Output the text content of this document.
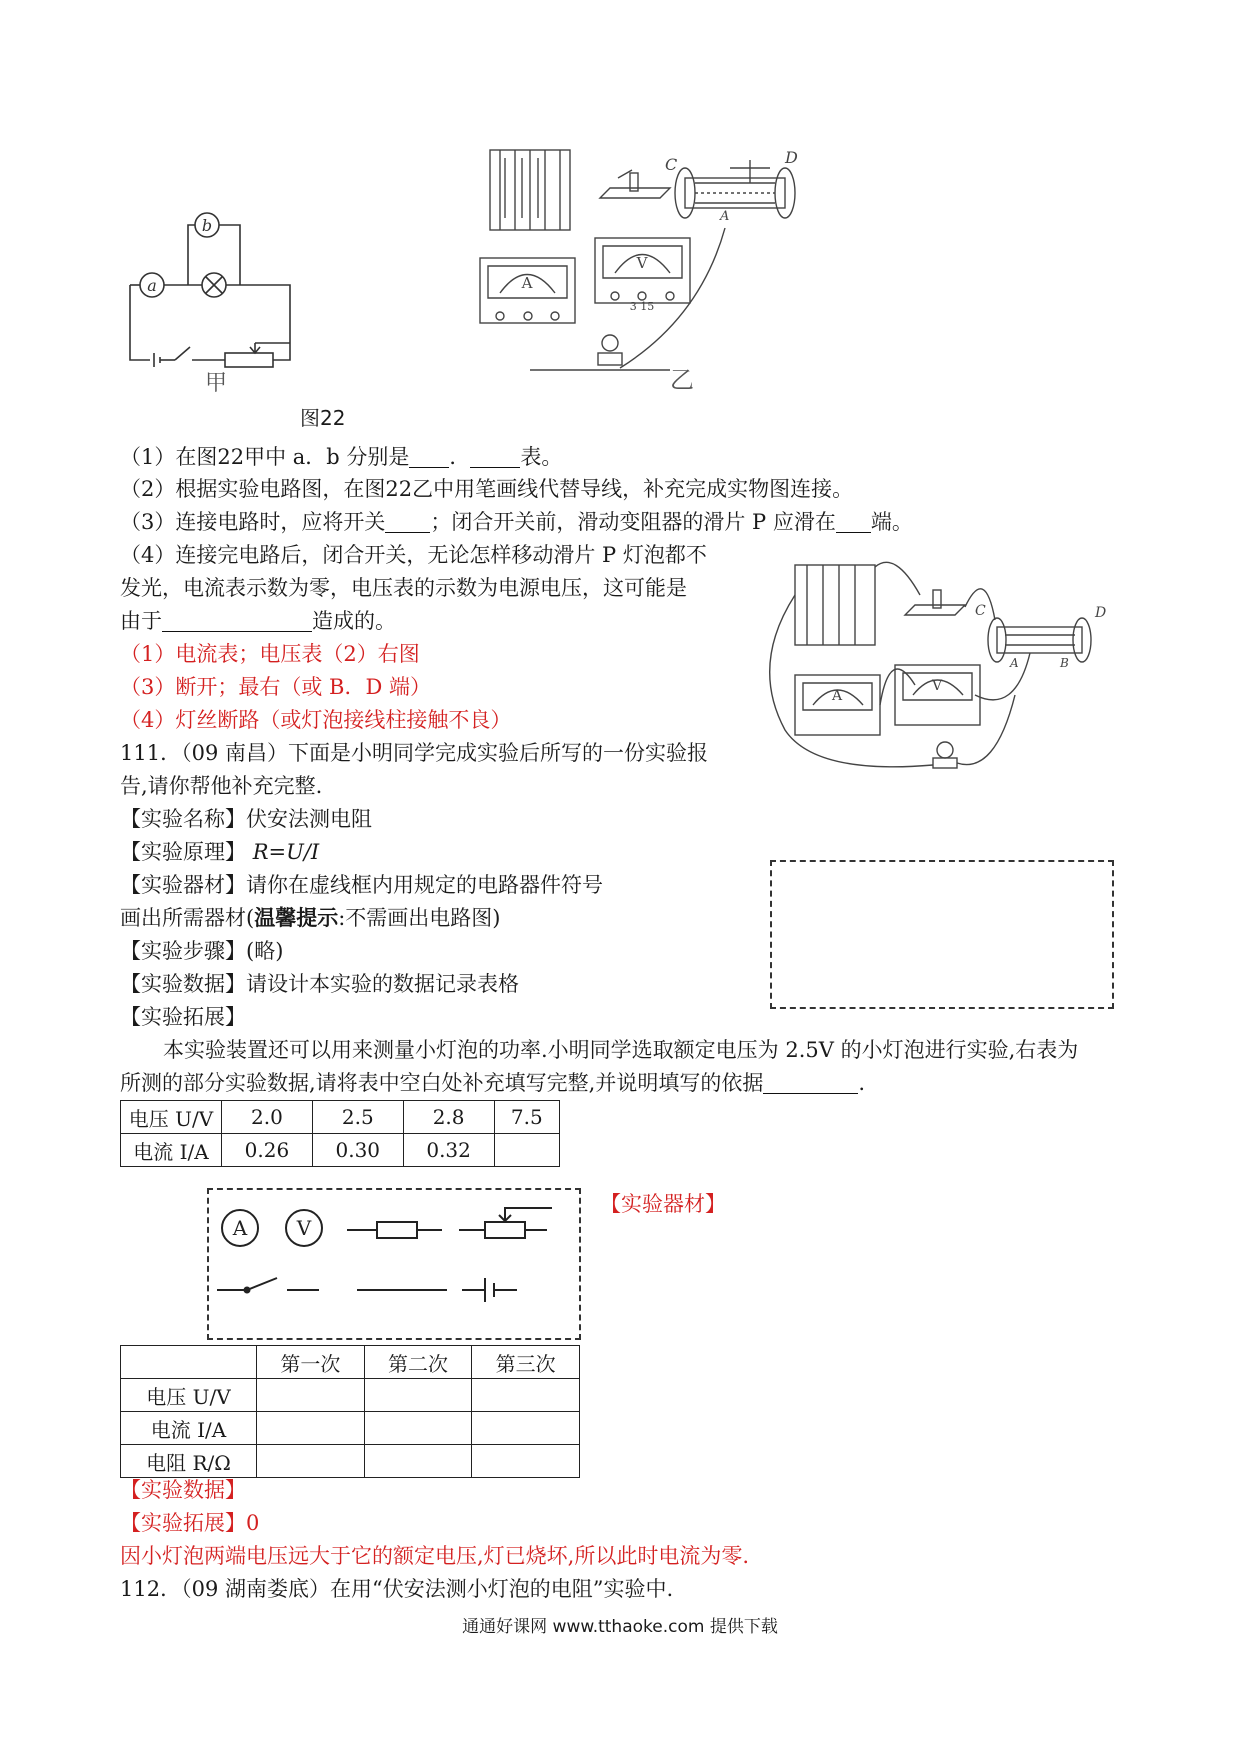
a
b
甲
A
V
3 15
C	D
A
乙
图22
（1）在图22甲中 a．b 分别是 ． 表。
（2）根据实验电路图，在图22乙中用笔画线代替导线，补充完成实物图连接。
（3）连接电路时，应将开关 ；闭合开关前，滑动变阻器的滑片 P 应滑在 端。
（4）连接完电路后，闭合开关，无论怎样移动滑片 P 灯泡都不
发光，电流表示数为零，电压表的示数为电源电压，这可能是
由于	造成的。
（1）电流表；电压表（2）右图
（3）断开；最右（或 B．D 端）
（4）灯丝断路（或灯泡接线柱接触不良）
A
V
C	D
A	B
111．（09 南昌）下面是小明同学完成实验后所写的一份实验报
告,请你帮他补充完整.
【实验名称】伏安法测电阻
【实验原理】 R=U/I
【实验器材】请你在虚线框内用规定的电路器件符号
画出所需器材(温馨提示:不需画出电路图)
【实验步骤】(略)
【实验数据】请设计本实验的数据记录表格
【实验拓展】
本实验装置还可以用来测量小灯泡的功率.小明同学选取额定电压为 2.5V 的小灯泡进行实验,右表为
所测的部分实验数据,请将表中空白处补充填写完整,并说明填写的依据	.
电压 U/V	2.0	2.5	2.8	7.5
电流 I/A	0.26	0.30	0.32	
A V
【实验器材】
	第一次	第二次	第三次
电压 U/V			
电流 I/A			
电阻 R/Ω			
【实验数据】
【实验拓展】0
因小灯泡两端电压远大于它的额定电压,灯已烧坏,所以此时电流为零.
112．（09 湖南娄底）在用“伏安法测小灯泡的电阻”实验中.
通通好课网 www.tthaoke.com 提供下载
